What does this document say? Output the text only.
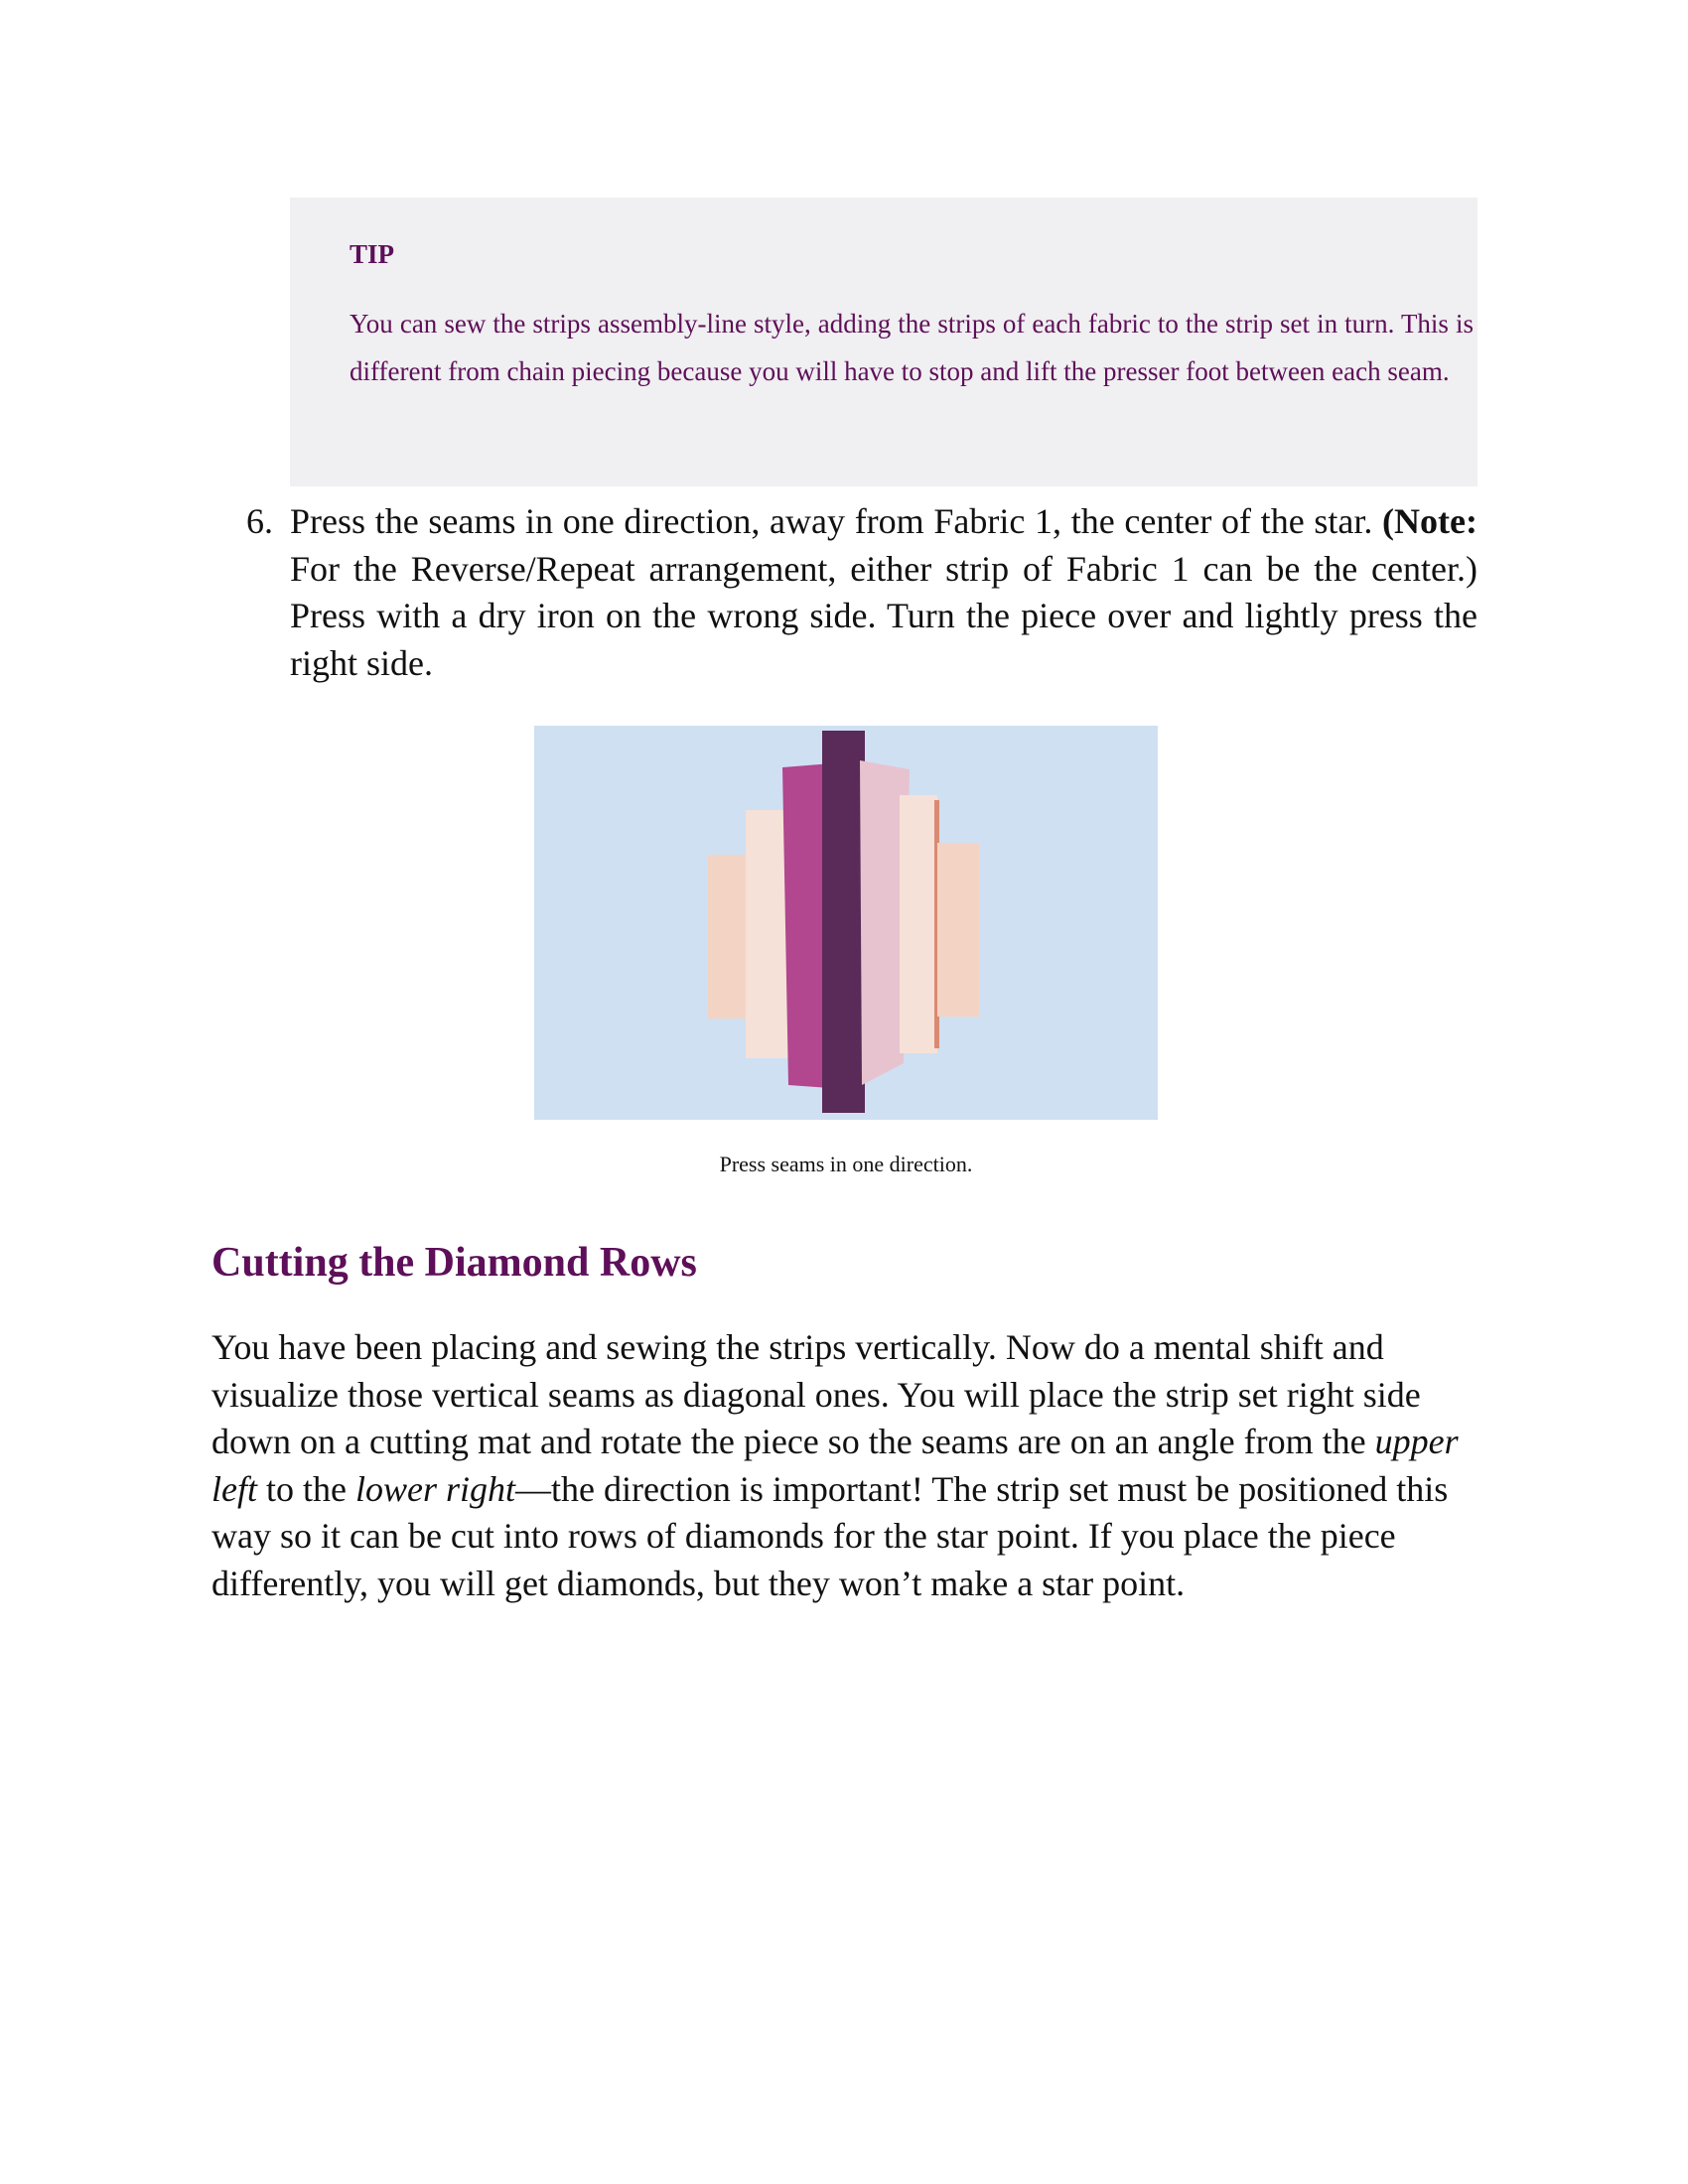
TIP
You can sew the strips assembly-line style, adding the strips of each fabric to the strip set in turn. This is different from chain piecing because you will have to stop and lift the presser foot between each seam.
6. Press the seams in one direction, away from Fabric 1, the center of the star. (Note: For the Reverse/Repeat arrangement, either strip of Fabric 1 can be the center.) Press with a dry iron on the wrong side. Turn the piece over and lightly press the right side.
Press seams in one direction.
Cutting the Diamond Rows
You have been placing and sewing the strips vertically. Now do a mental shift and visualize those vertical seams as diagonal ones. You will place the strip set right side down on a cutting mat and rotate the piece so the seams are on an angle from the upper left to the lower right—the direction is important! The strip set must be positioned this way so it can be cut into rows of diamonds for the star point. If you place the piece differently, you will get diamonds, but they won’t make a star point.
